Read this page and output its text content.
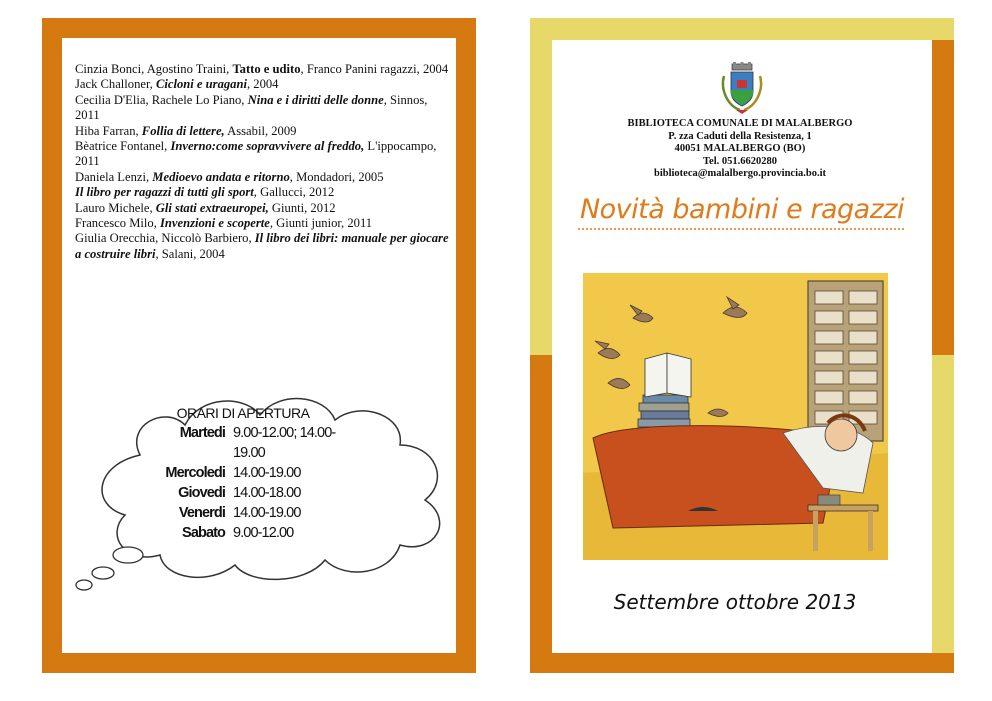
Cinzia Bonci, Agostino Traini, Tatto e udito, Franco Panini ragazzi, 2004

Jack Challoner, Cicloni e uragani, 2004

Cecilia D'Elia, Rachele Lo Piano, Nina e i diritti delle donne, Sinnos, 2011

Hiba Farran, Follia di lettere, Assabil, 2009

Bèatrice Fontanel, Inverno:come sopravvivere al freddo, L'ippocampo, 2011

Daniela Lenzi, Medioevo andata e ritorno, Mondadori, 2005

Il libro per ragazzi di tutti gli sport, Gallucci, 2012

Lauro Michele, Gli stati extraeuropei, Giunti, 2012

Francesco Milo, Invenzioni e scoperte, Giunti junior, 2011

Giulia Orecchia, Niccolò Barbiero, Il libro dei libri: manuale per giocare a costruire libri, Salani, 2004

ORARI DI APERTURA
Martedi 9.00-12.00; 14.00-19.00
Mercoledi 14.00-19.00
Giovedi 14.00-18.00
Venerdi 14.00-19.00
Sabato 9.00-12.00
BIBLIOTECA COMUNALE DI MALALBERGO
P. zza Caduti della Resistenza, 1
40051 MALALBERGO (BO)
Tel. 051.6620280
biblioteca@malalbergo.provincia.bo.it
Novità bambini e ragazzi
Settembre ottobre 2013
